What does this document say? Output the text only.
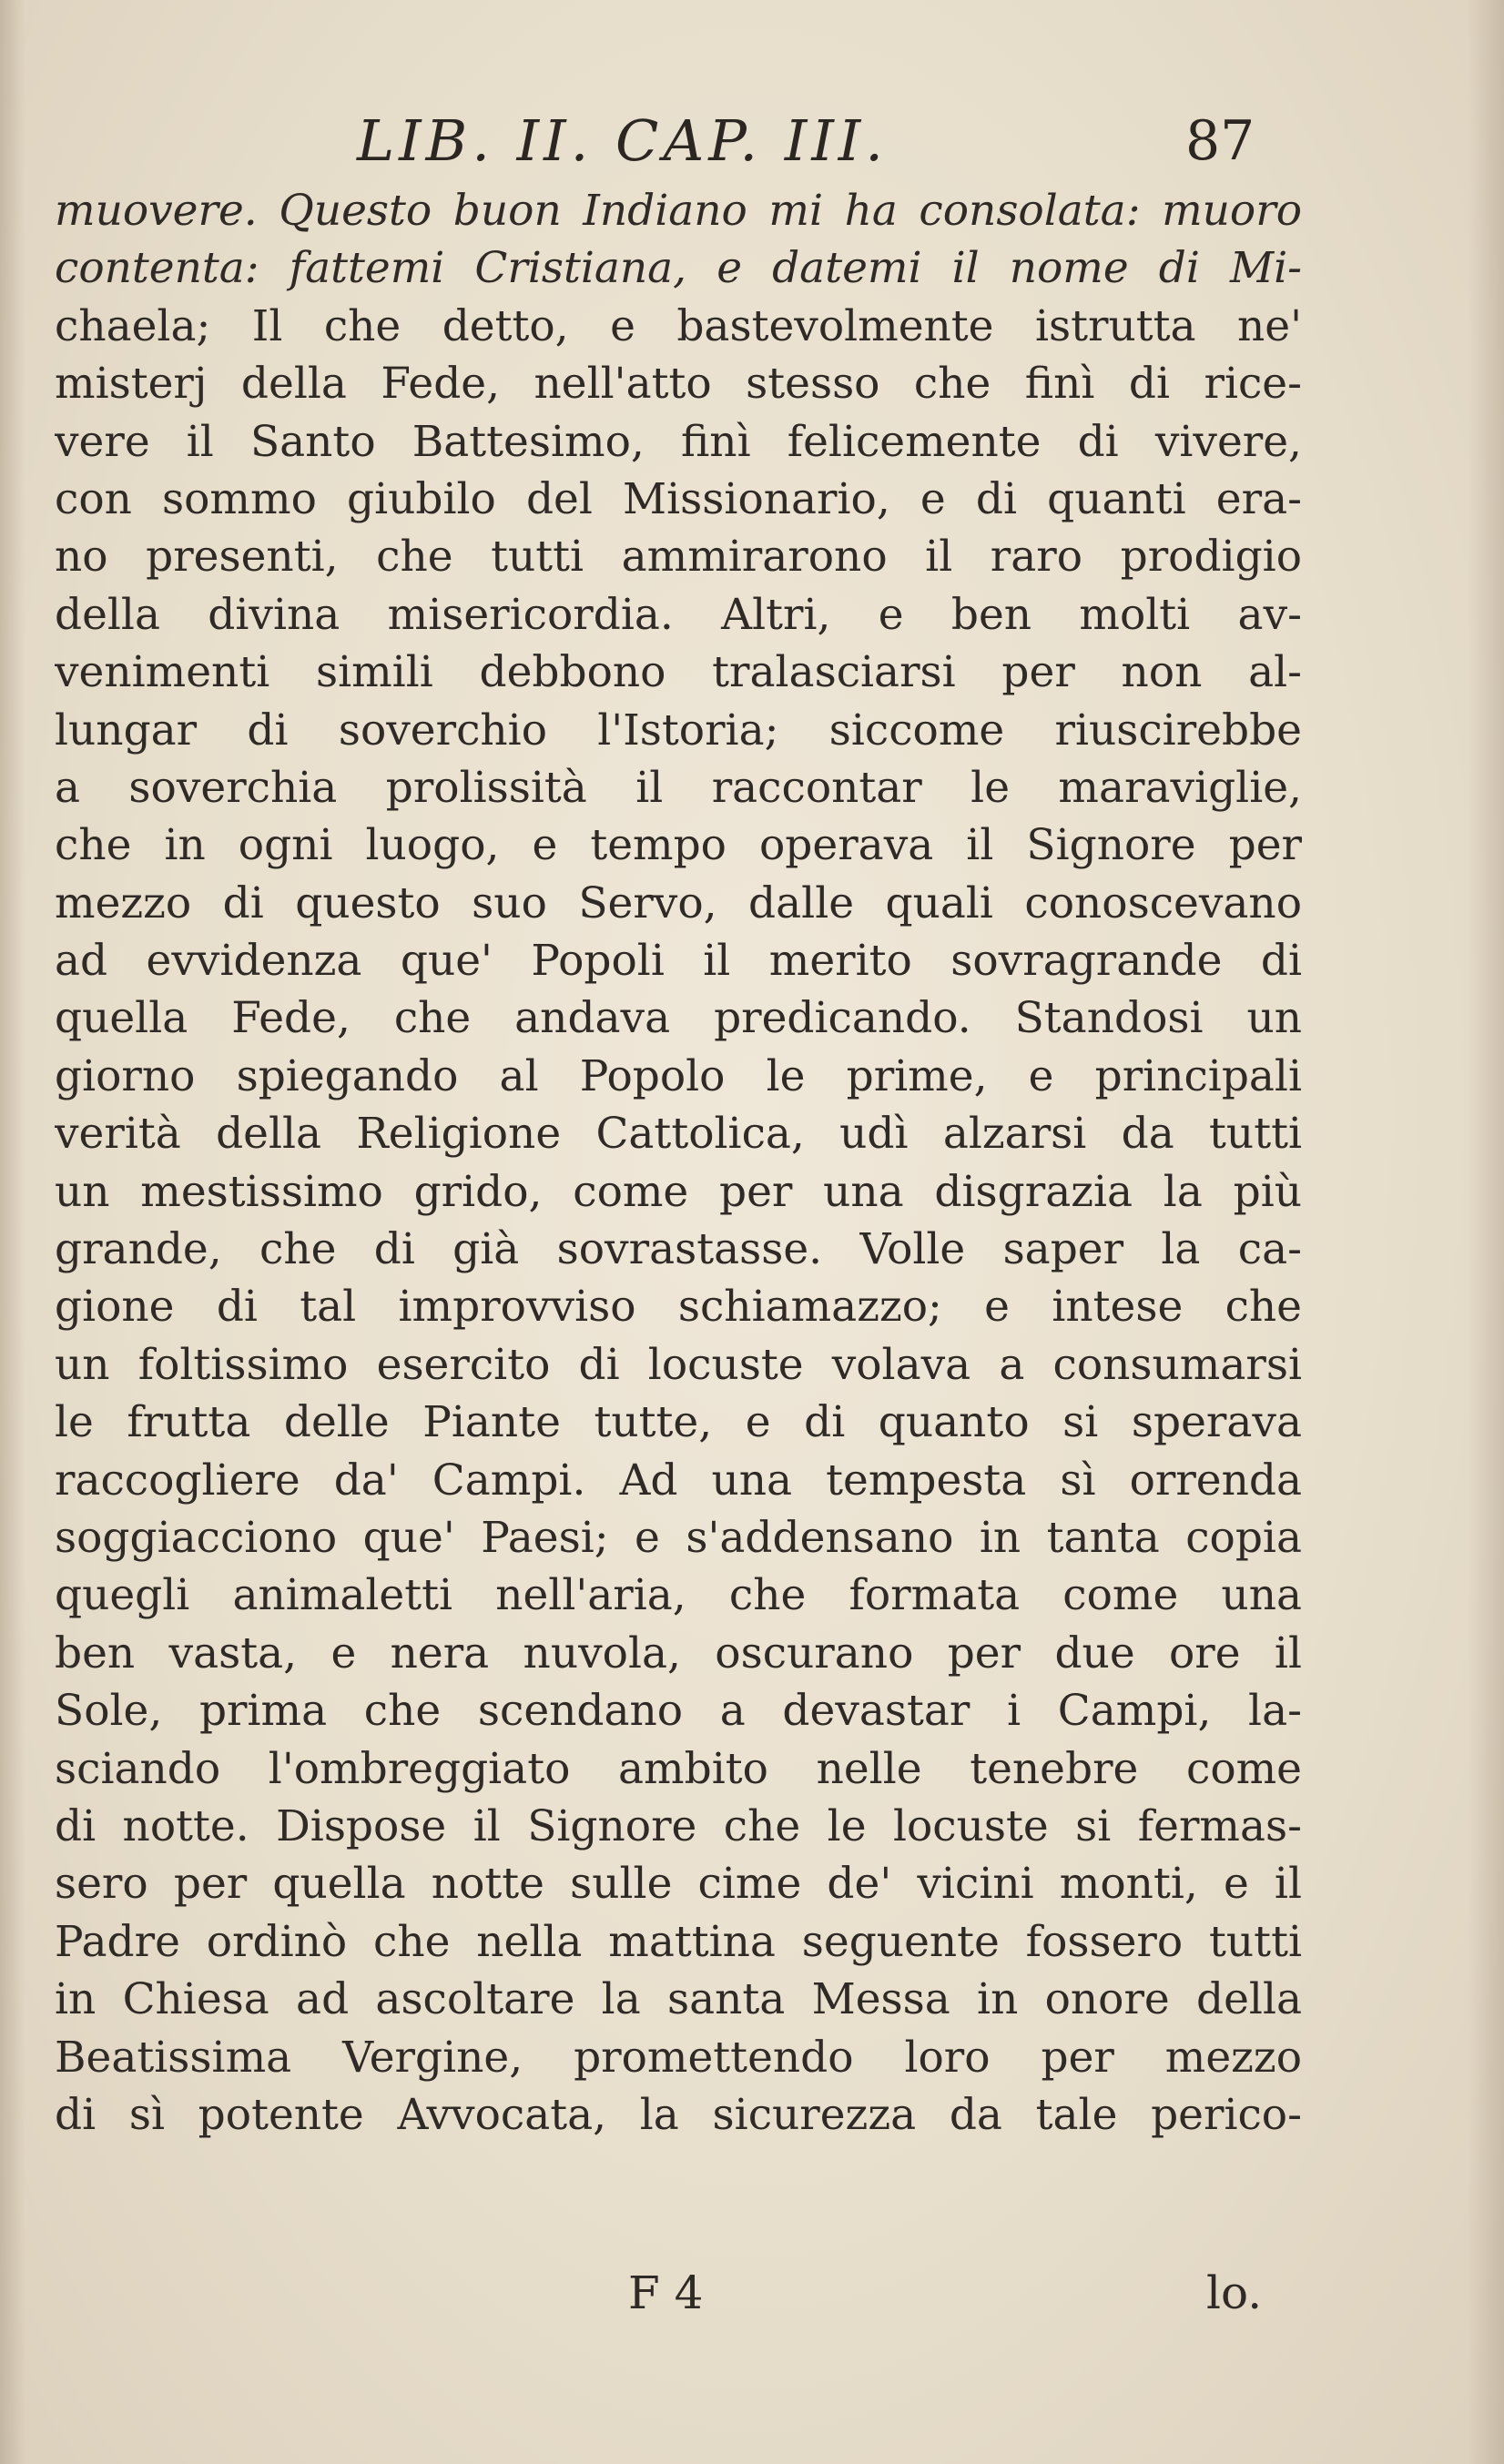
LIB. II. CAP. III.	87
muovere. Questo buon Indiano mi ha consolata: muoro
contenta: fattemi Cristiana, e datemi il nome di Mi-
chaela; Il che detto, e bastevolmente istrutta ne'
misterj della Fede, nell'atto stesso che finì di rice-
vere il Santo Battesimo, finì felicemente di vivere,
con sommo giubilo del Missionario, e di quanti era-
no presenti, che tutti ammirarono il raro prodigio
della divina misericordia. Altri, e ben molti av-
venimenti simili debbono tralasciarsi per non al-
lungar di soverchio l'Istoria; siccome riuscirebbe
a soverchia prolissità il raccontar le maraviglie,
che in ogni luogo, e tempo operava il Signore per
mezzo di questo suo Servo, dalle quali conoscevano
ad evvidenza que' Popoli il merito sovragrande di
quella Fede, che andava predicando. Standosi un
giorno spiegando al Popolo le prime, e principali
verità della Religione Cattolica, udì alzarsi da tutti
un mestissimo grido, come per una disgrazia la più
grande, che di già sovrastasse. Volle saper la ca-
gione di tal improvviso schiamazzo; e intese che
un foltissimo esercito di locuste volava a consumarsi
le frutta delle Piante tutte, e di quanto si sperava
raccogliere da' Campi. Ad una tempesta sì orrenda
soggiacciono que' Paesi; e s'addensano in tanta copia
quegli animaletti nell'aria, che formata come una
ben vasta, e nera nuvola, oscurano per due ore il
Sole, prima che scendano a devastar i Campi, la-
sciando l'ombreggiato ambito nelle tenebre come
di notte. Dispose il Signore che le locuste si fermas-
sero per quella notte sulle cime de' vicini monti, e il
Padre ordinò che nella mattina seguente fossero tutti
in Chiesa ad ascoltare la santa Messa in onore della
Beatissima Vergine, promettendo loro per mezzo
di sì potente Avvocata, la sicurezza da tale perico-
F 4	lo.
